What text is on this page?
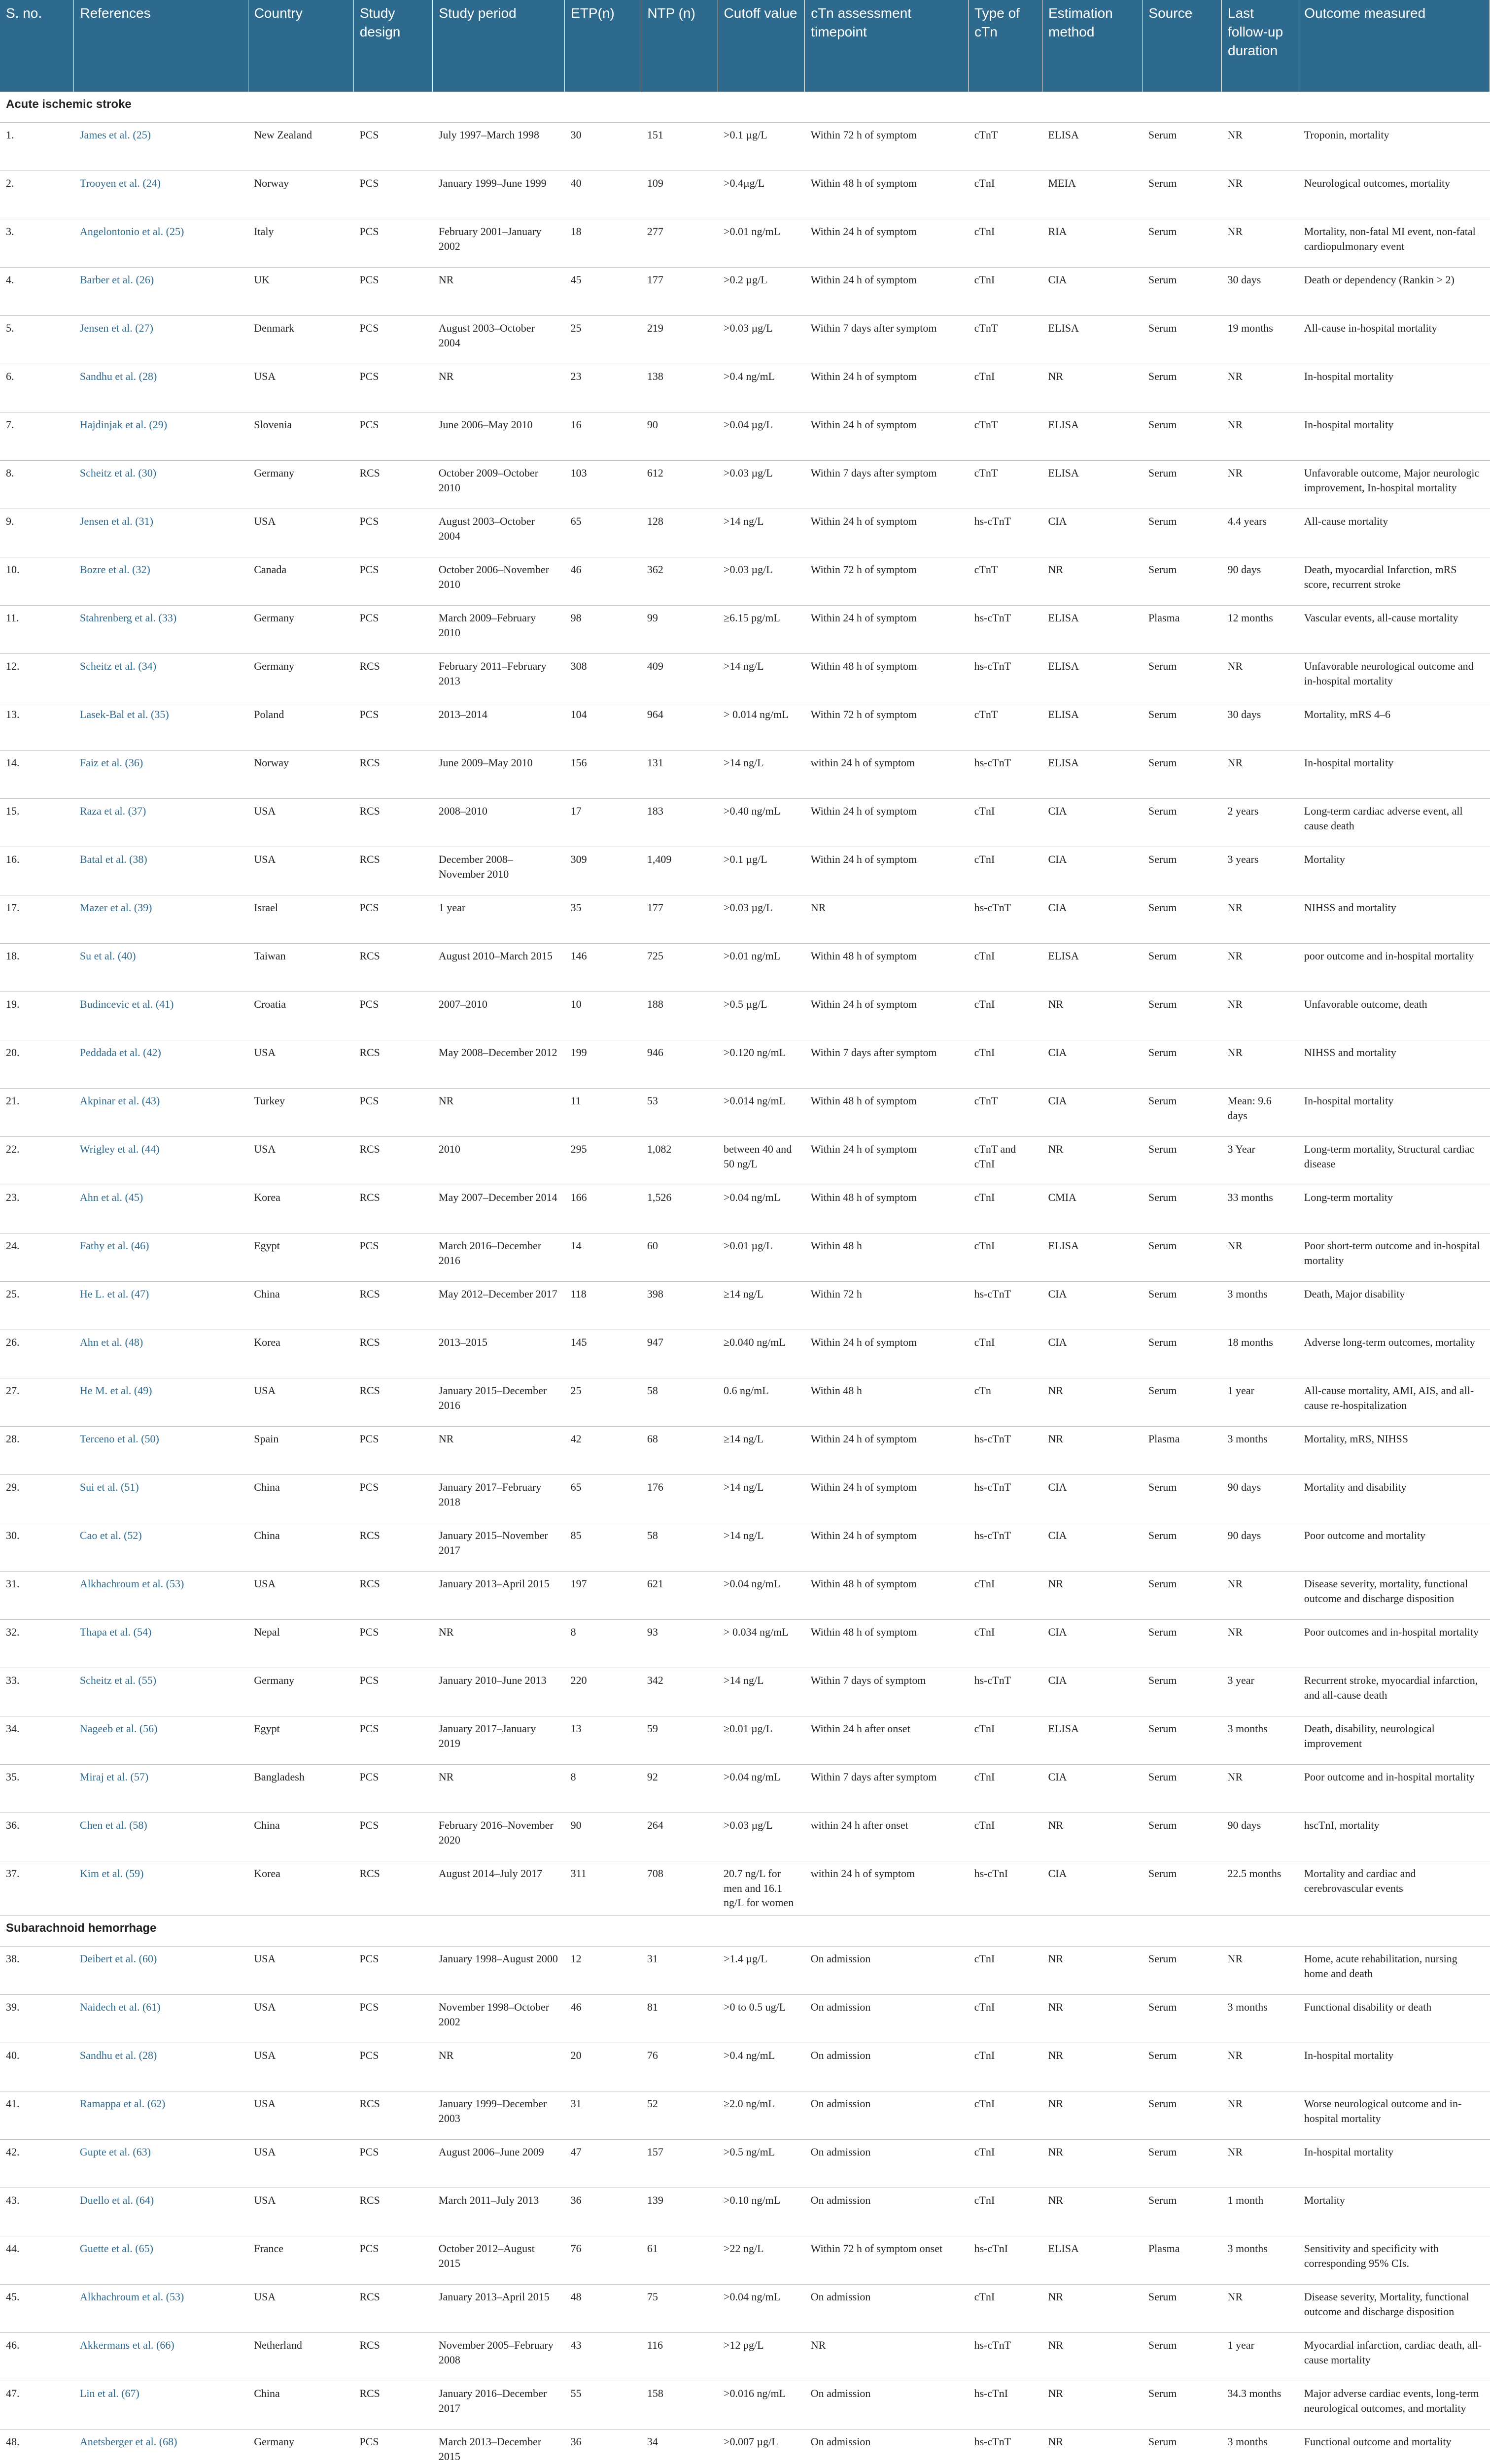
S. no.	References	Country	Study design	Study period	ETP(n)	NTP (n)	Cutoff value	cTn assessment timepoint	Type of cTn	Estimation method	Source	Last follow-up duration	Outcome measured
Acute ischemic stroke													
1.	James et al. (25)	New Zealand	PCS	July 1997–March 1998	30	151	>0.1 µg/L	Within 72 h of symptom	cTnT	ELISA	Serum	NR	Troponin, mortality
2.	Trooyen et al. (24)	Norway	PCS	January 1999–June 1999	40	109	>0.4µg/L	Within 48 h of symptom	cTnI	MEIA	Serum	NR	Neurological outcomes, mortality
3.	Angelontonio et al. (25)	Italy	PCS	February 2001–January 2002	18	277	>0.01 ng/mL	Within 24 h of symptom	cTnI	RIA	Serum	NR	Mortality, non-fatal MI event, non-fatal cardiopulmonary event
4.	Barber et al. (26)	UK	PCS	NR	45	177	>0.2 µg/L	Within 24 h of symptom	cTnI	CIA	Serum	30 days	Death or dependency (Rankin > 2)
5.	Jensen et al. (27)	Denmark	PCS	August 2003–October 2004	25	219	>0.03 µg/L	Within 7 days after symptom	cTnT	ELISA	Serum	19 months	All-cause in-hospital mortality
6.	Sandhu et al. (28)	USA	PCS	NR	23	138	>0.4 ng/mL	Within 24 h of symptom	cTnI	NR	Serum	NR	In-hospital mortality
7.	Hajdinjak et al. (29)	Slovenia	PCS	June 2006–May 2010	16	90	>0.04 µg/L	Within 24 h of symptom	cTnT	ELISA	Serum	NR	In-hospital mortality
8.	Scheitz et al. (30)	Germany	RCS	October 2009–October 2010	103	612	>0.03 µg/L	Within 7 days after symptom	cTnT	ELISA	Serum	NR	Unfavorable outcome, Major neurologic improvement, In-hospital mortality
9.	Jensen et al. (31)	USA	PCS	August 2003–October 2004	65	128	>14 ng/L	Within 24 h of symptom	hs-cTnT	CIA	Serum	4.4 years	All-cause mortality
10.	Bozre et al. (32)	Canada	PCS	October 2006–November 2010	46	362	>0.03 µg/L	Within 72 h of symptom	cTnT	NR	Serum	90 days	Death, myocardial Infarction, mRS score, recurrent stroke
11.	Stahrenberg et al. (33)	Germany	PCS	March 2009–February 2010	98	99	≥6.15 pg/mL	Within 24 h of symptom	hs-cTnT	ELISA	Plasma	12 months	Vascular events, all-cause mortality
12.	Scheitz et al. (34)	Germany	RCS	February 2011–February 2013	308	409	>14 ng/L	Within 48 h of symptom	hs-cTnT	ELISA	Serum	NR	Unfavorable neurological outcome and in-hospital mortality
13.	Lasek-Bal et al. (35)	Poland	PCS	2013–2014	104	964	> 0.014 ng/mL	Within 72 h of symptom	cTnT	ELISA	Serum	30 days	Mortality, mRS 4–6
14.	Faiz et al. (36)	Norway	RCS	June 2009–May 2010	156	131	>14 ng/L	within 24 h of symptom	hs-cTnT	ELISA	Serum	NR	In-hospital mortality
15.	Raza et al. (37)	USA	RCS	2008–2010	17	183	>0.40 ng/mL	Within 24 h of symptom	cTnI	CIA	Serum	2 years	Long-term cardiac adverse event, all cause death
16.	Batal et al. (38)	USA	RCS	December 2008–November 2010	309	1,409	>0.1 µg/L	Within 24 h of symptom	cTnI	CIA	Serum	3 years	Mortality
17.	Mazer et al. (39)	Israel	PCS	1 year	35	177	>0.03 µg/L	NR	hs-cTnT	CIA	Serum	NR	NIHSS and mortality
18.	Su et al. (40)	Taiwan	RCS	August 2010–March 2015	146	725	>0.01 ng/mL	Within 48 h of symptom	cTnI	ELISA	Serum	NR	poor outcome and in-hospital mortality
19.	Budincevic et al. (41)	Croatia	PCS	2007–2010	10	188	>0.5 µg/L	Within 24 h of symptom	cTnI	NR	Serum	NR	Unfavorable outcome, death
20.	Peddada et al. (42)	USA	RCS	May 2008–December 2012	199	946	>0.120 ng/mL	Within 7 days after symptom	cTnI	CIA	Serum	NR	NIHSS and mortality
21.	Akpinar et al. (43)	Turkey	PCS	NR	11	53	>0.014 ng/mL	Within 48 h of symptom	cTnT	CIA	Serum	Mean: 9.6 days	In-hospital mortality
22.	Wrigley et al. (44)	USA	RCS	2010	295	1,082	between 40 and 50 ng/L	Within 24 h of symptom	cTnT and cTnI	NR	Serum	3 Year	Long-term mortality, Structural cardiac disease
23.	Ahn et al. (45)	Korea	RCS	May 2007–December 2014	166	1,526	>0.04 ng/mL	Within 48 h of symptom	cTnI	CMIA	Serum	33 months	Long-term mortality
24.	Fathy et al. (46)	Egypt	PCS	March 2016–December 2016	14	60	>0.01 µg/L	Within 48 h	cTnI	ELISA	Serum	NR	Poor short-term outcome and in-hospital mortality
25.	He L. et al. (47)	China	RCS	May 2012–December 2017	118	398	≥14 ng/L	Within 72 h	hs-cTnT	CIA	Serum	3 months	Death, Major disability
26.	Ahn et al. (48)	Korea	RCS	2013–2015	145	947	≥0.040 ng/mL	Within 24 h of symptom	cTnI	CIA	Serum	18 months	Adverse long-term outcomes, mortality
27.	He M. et al. (49)	USA	RCS	January 2015–December 2016	25	58	0.6 ng/mL	Within 48 h	cTn	NR	Serum	1 year	All-cause mortality, AMI, AIS, and all-cause re-hospitalization
28.	Terceno et al. (50)	Spain	PCS	NR	42	68	≥14 ng/L	Within 24 h of symptom	hs-cTnT	NR	Plasma	3 months	Mortality, mRS, NIHSS
29.	Sui et al. (51)	China	PCS	January 2017–February 2018	65	176	>14 ng/L	Within 24 h of symptom	hs-cTnT	CIA	Serum	90 days	Mortality and disability
30.	Cao et al. (52)	China	RCS	January 2015–November 2017	85	58	>14 ng/L	Within 24 h of symptom	hs-cTnT	CIA	Serum	90 days	Poor outcome and mortality
31.	Alkhachroum et al. (53)	USA	RCS	January 2013–April 2015	197	621	>0.04 ng/mL	Within 48 h of symptom	cTnI	NR	Serum	NR	Disease severity, mortality, functional outcome and discharge disposition
32.	Thapa et al. (54)	Nepal	PCS	NR	8	93	> 0.034 ng/mL	Within 48 h of symptom	cTnI	CIA	Serum	NR	Poor outcomes and in-hospital mortality
33.	Scheitz et al. (55)	Germany	PCS	January 2010–June 2013	220	342	>14 ng/L	Within 7 days of symptom	hs-cTnT	CIA	Serum	3 year	Recurrent stroke, myocardial infarction, and all-cause death
34.	Nageeb et al. (56)	Egypt	PCS	January 2017–January 2019	13	59	≥0.01 µg/L	Within 24 h after onset	cTnI	ELISA	Serum	3 months	Death, disability, neurological improvement
35.	Miraj et al. (57)	Bangladesh	PCS	NR	8	92	>0.04 ng/mL	Within 7 days after symptom	cTnI	CIA	Serum	NR	Poor outcome and in-hospital mortality
36.	Chen et al. (58)	China	PCS	February 2016–November 2020	90	264	>0.03 µg/L	within 24 h after onset	cTnI	NR	Serum	90 days	hscTnI, mortality
37.	Kim et al. (59)	Korea	RCS	August 2014–July 2017	311	708	20.7 ng/L for men and 16.1 ng/L for women	within 24 h of symptom	hs-cTnI	CIA	Serum	22.5 months	Mortality and cardiac and cerebrovascular events
Subarachnoid hemorrhage													
38.	Deibert et al. (60)	USA	PCS	January 1998–August 2000	12	31	>1.4 µg/L	On admission	cTnI	NR	Serum	NR	Home, acute rehabilitation, nursing home and death
39.	Naidech et al. (61)	USA	PCS	November 1998–October 2002	46	81	>0 to 0.5 ug/L	On admission	cTnI	NR	Serum	3 months	Functional disability or death
40.	Sandhu et al. (28)	USA	PCS	NR	20	76	>0.4 ng/mL	On admission	cTnI	NR	Serum	NR	In-hospital mortality
41.	Ramappa et al. (62)	USA	RCS	January 1999–December 2003	31	52	≥2.0 ng/mL	On admission	cTnI	NR	Serum	NR	Worse neurological outcome and in-hospital mortality
42.	Gupte et al. (63)	USA	PCS	August 2006–June 2009	47	157	>0.5 ng/mL	On admission	cTnI	NR	Serum	NR	In-hospital mortality
43.	Duello et al. (64)	USA	RCS	March 2011–July 2013	36	139	>0.10 ng/mL	On admission	cTnI	NR	Serum	1 month	Mortality
44.	Guette et al. (65)	France	PCS	October 2012–August 2015	76	61	>22 ng/L	Within 72 h of symptom onset	hs-cTnI	ELISA	Plasma	3 months	Sensitivity and specificity with corresponding 95% CIs.
45.	Alkhachroum et al. (53)	USA	RCS	January 2013–April 2015	48	75	>0.04 ng/mL	On admission	cTnI	NR	Serum	NR	Disease severity, Mortality, functional outcome and discharge disposition
46.	Akkermans et al. (66)	Netherland	RCS	November 2005–February 2008	43	116	>12 pg/L	NR	hs-cTnT	NR	Serum	1 year	Myocardial infarction, cardiac death, all-cause mortality
47.	Lin et al. (67)	China	RCS	January 2016–December 2017	55	158	>0.016 ng/mL	On admission	hs-cTnI	NR	Serum	34.3 months	Major adverse cardiac events, long-term neurological outcomes, and mortality
48.	Anetsberger et al. (68)	Germany	PCS	March 2013–December 2015	36	34	>0.007 µg/L	On admission	hs-cTnT	NR	Serum	3 months	Functional outcome and mortality
